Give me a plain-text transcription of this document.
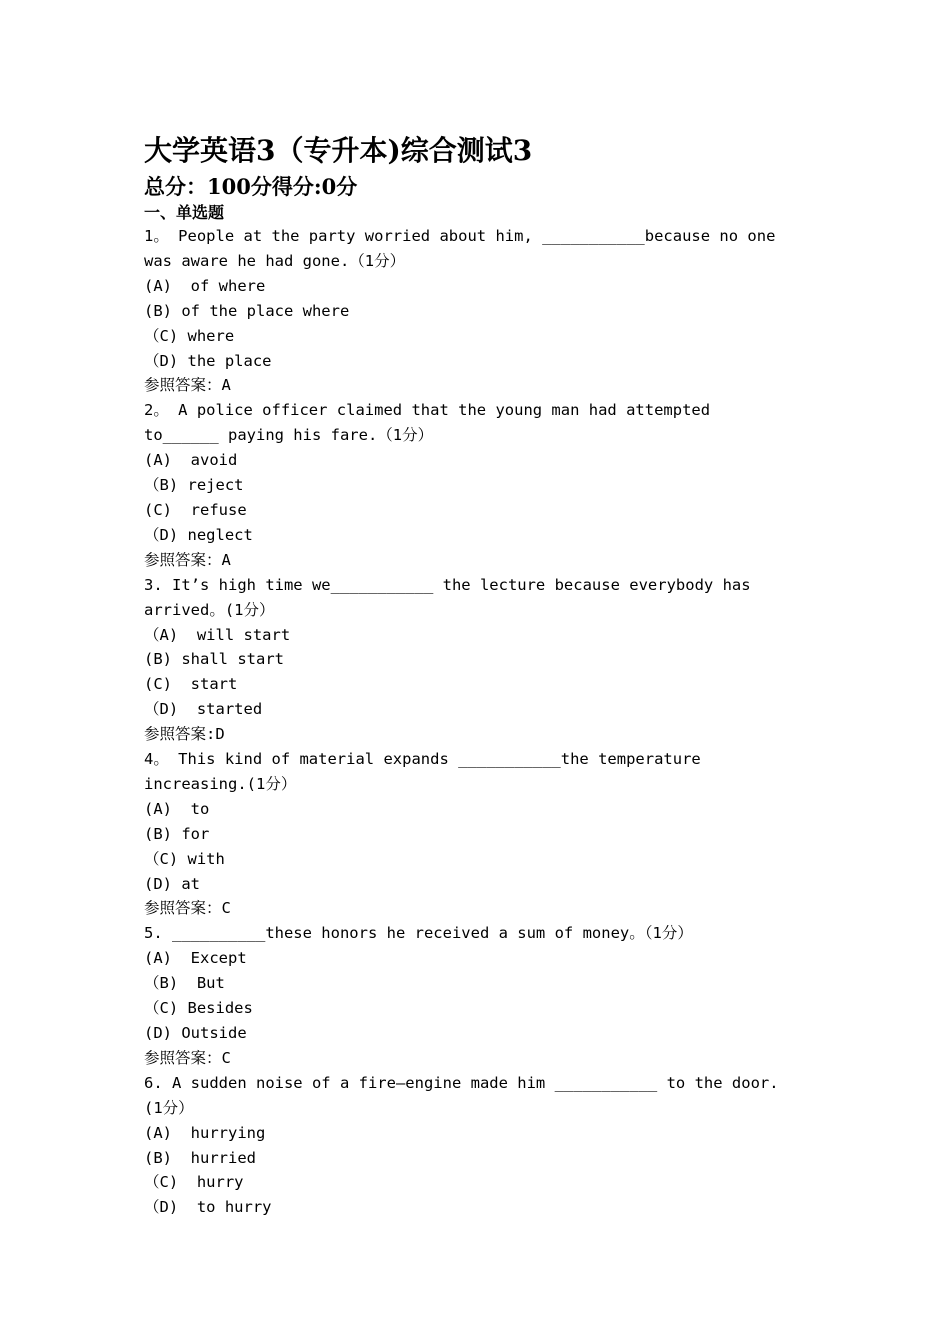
大学英语3（专升本)综合测试3
总分：100分得分:0分
一、单选题
1。 People at the party worried about him, ___________because no one
was aware he had gone.（1分）
(A)  of where
(B) of the place where
（C) where
（D) the place
参照答案：A
2。 A police officer claimed that the young man had attempted
to______ paying his fare.（1分）
(A)  avoid
（B) reject
(C)  refuse
（D) neglect
参照答案：A
3. It’s high time we___________ the lecture because everybody has
arrived。(1分）
（A)  will start
(B) shall start
(C)  start
（D)  started
参照答案:D
4。 This kind of material expands ___________the temperature
increasing.(1分）
(A)  to
(B) for
（C) with
(D) at
参照答案：C
5. __________these honors he received a sum of money。（1分）
(A)  Except
（B)  But
（C) Besides
(D) Outside
参照答案：C
6. A sudden noise of a fire—engine made him ___________ to the door.
(1分）
(A)  hurrying
(B)  hurried
（C)  hurry
（D)  to hurry
